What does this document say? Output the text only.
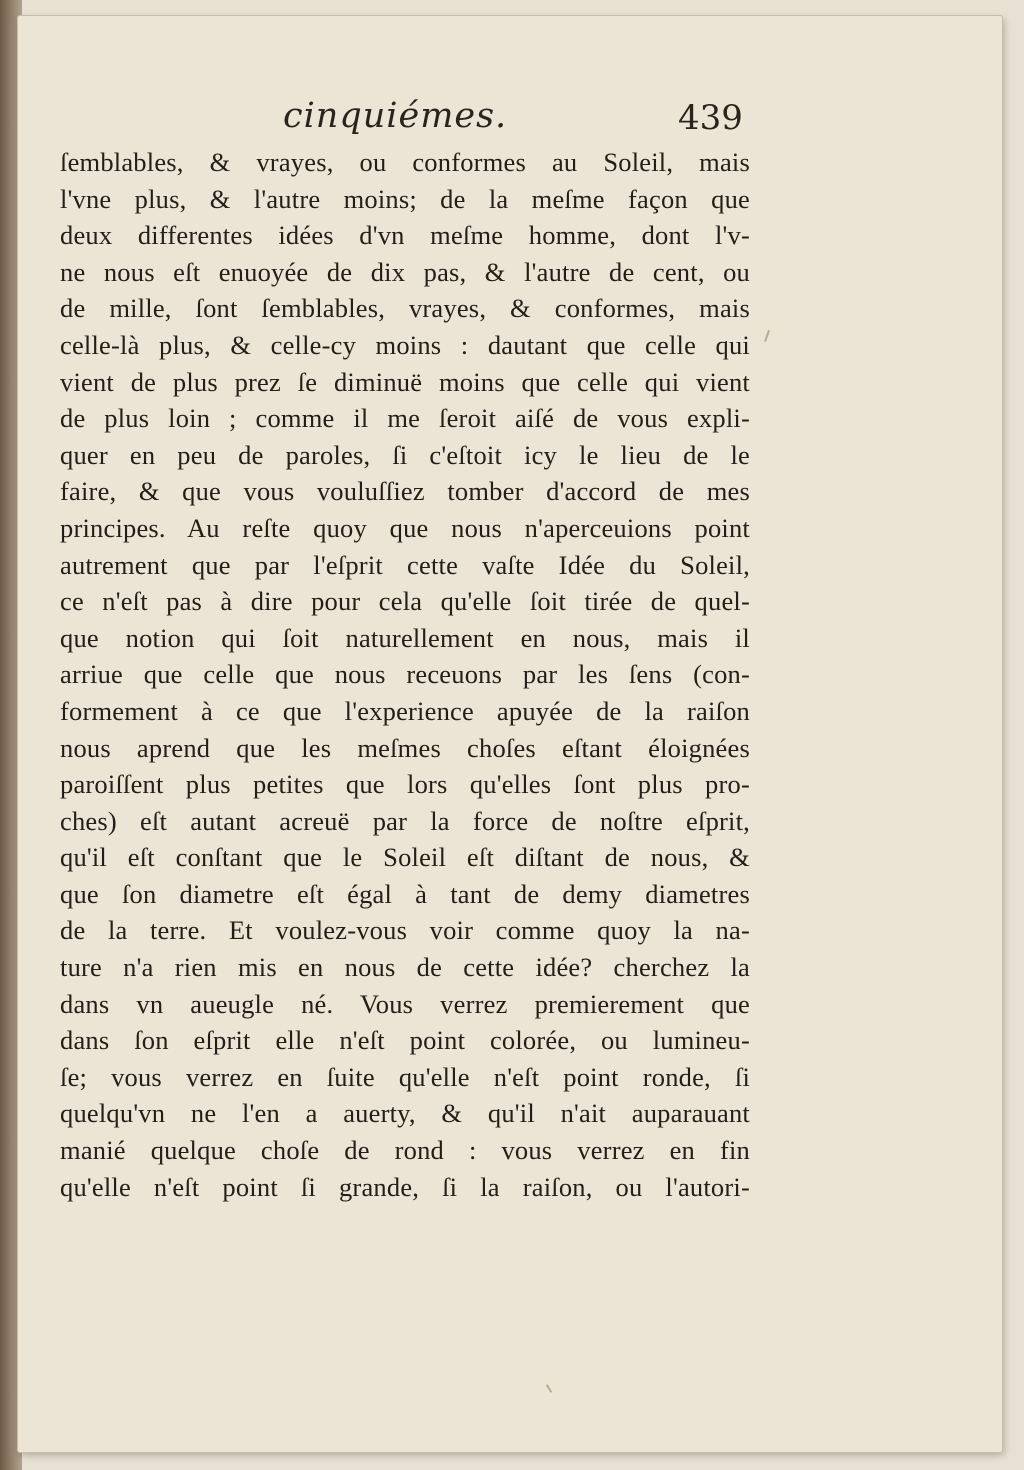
cinquiémes.	439
ſemblables, & vrayes, ou conformes au Soleil, mais
l'vne plus, & l'autre moins; de la meſme façon que
deux differentes idées d'vn meſme homme, dont l'v-
ne nous eſt enuoyée de dix pas, & l'autre de cent, ou
de mille, ſont ſemblables, vrayes, & conformes, mais
celle-là plus, & celle-cy moins : dautant que celle qui
vient de plus prez ſe diminuë moins que celle qui vient
de plus loin ; comme il me ſeroit aiſé de vous expli-
quer en peu de paroles, ſi c'eſtoit icy le lieu de le
faire, & que vous vouluſſiez tomber d'accord de mes
principes. Au reſte quoy que nous n'aperceuions point
autrement que par l'eſprit cette vaſte Idée du Soleil,
ce n'eſt pas à dire pour cela qu'elle ſoit tirée de quel-
que notion qui ſoit naturellement en nous, mais il
arriue que celle que nous receuons par les ſens (con-
formement à ce que l'experience apuyée de la raiſon
nous aprend que les meſmes choſes eſtant éloignées
paroiſſent plus petites que lors qu'elles ſont plus pro-
ches) eſt autant acreuë par la force de noſtre eſprit,
qu'il eſt conſtant que le Soleil eſt diſtant de nous, &
que ſon diametre eſt égal à tant de demy diametres
de la terre. Et voulez-vous voir comme quoy la na-
ture n'a rien mis en nous de cette idée? cherchez la
dans vn aueugle né. Vous verrez premierement que
dans ſon eſprit elle n'eſt point colorée, ou lumineu-
ſe; vous verrez en ſuite qu'elle n'eſt point ronde, ſi
quelqu'vn ne l'en a auerty, & qu'il n'ait auparauant
manié quelque choſe de rond : vous verrez en fin
qu'elle n'eſt point ſi grande, ſi la raiſon, ou l'autori-
